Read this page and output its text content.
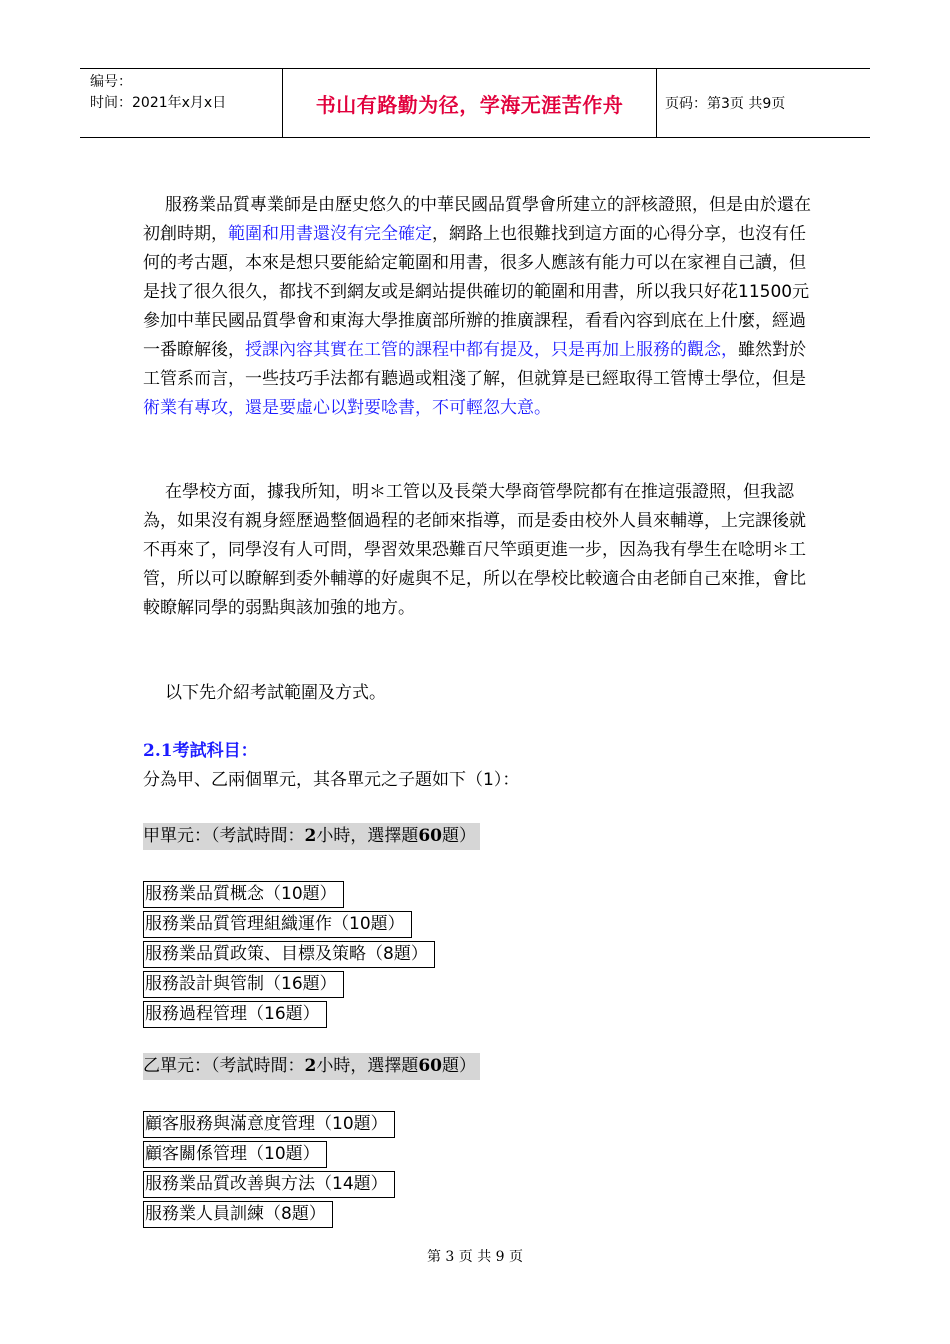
编号：
时间：2021年x月x日	书山有路勤为径，学海无涯苦作舟	页码：第3页 共9页
服務業品質專業師是由歷史悠久的中華民國品質學會所建立的評核證照，但是由於還在初創時期，範圍和用書還沒有完全確定，網路上也很難找到這方面的心得分享，也沒有任何的考古題，本來是想只要能給定範圍和用書，很多人應該有能力可以在家裡自己讀，但是找了很久很久，都找不到網友或是網站提供確切的範圍和用書，所以我只好花11500元參加中華民國品質學會和東海大學推廣部所辦的推廣課程，看看內容到底在上什麼，經過一番瞭解後，授課內容其實在工管的課程中都有提及，只是再加上服務的觀念，雖然對於工管系而言，一些技巧手法都有聽過或粗淺了解，但就算是已經取得工管博士學位，但是術業有專攻，還是要虛心以對要唸書，不可輕忽大意。
在學校方面，據我所知，明＊工管以及長榮大學商管學院都有在推這張證照，但我認為，如果沒有親身經歷過整個過程的老師來指導，而是委由校外人員來輔導，上完課後就不再來了，同學沒有人可問，學習效果恐難百尺竿頭更進一步，因為我有學生在唸明＊工管，所以可以瞭解到委外輔導的好處與不足，所以在學校比較適合由老師自己來推，會比較瞭解同學的弱點與該加強的地方。
以下先介紹考試範圍及方式。
2.1考試科目：
分為甲、乙兩個單元，其各單元之子題如下（1）：
甲單元：（考試時間：2小時，選擇題60題）
服務業品質概念（10題）
服務業品質管理組織運作（10題）
服務業品質政策、目標及策略（8題）
服務設計與管制（16題）
服務過程管理（16題）
乙單元：（考試時間：2小時，選擇題60題）
顧客服務與滿意度管理（10題）
顧客關係管理（10題）
服務業品質改善與方法（14題）
服務業人員訓練（8題）
第 3 页 共 9 页
